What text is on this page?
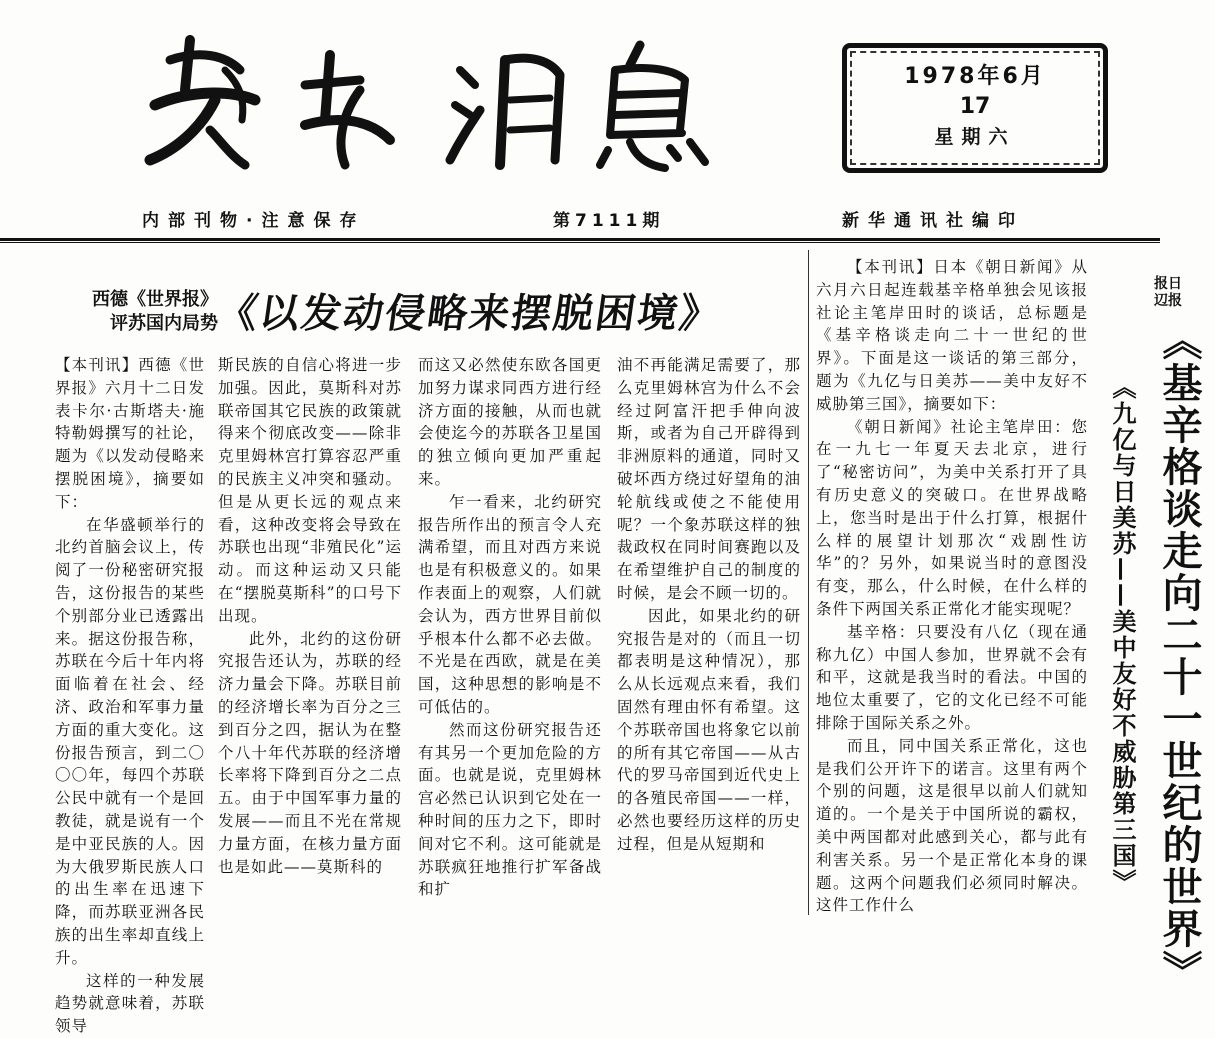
1978年6月
17
星期六
内部刊物·注意保存	第7111期	新华通讯社编印
西德《世界报》
评苏国内局势
《以发动侵略来摆脱困境》

【本刊讯】西德《世界报》六月十二日发表卡尔·古斯塔夫·施特勒姆撰写的社论，题为《以发动侵略来摆脱困境》，摘要如下：

在华盛顿举行的北约首脑会议上，传阅了一份秘密研究报告，这份报告的某些个别部分业已透露出来。据这份报告称，苏联在今后十年内将面临着在社会、经济、政治和军事力量方面的重大变化。这份报告预言，到二〇〇〇年，每四个苏联公民中就有一个是回教徒，就是说有一个是中亚民族的人。因为大俄罗斯民族人口的出生率在迅速下降，而苏联亚洲各民族的出生率却直线上升。

这样的一种发展趋势就意味着，苏联领导

斯民族的自信心将进一步加强。因此，莫斯科对苏联帝国其它民族的政策就得来个彻底改变——除非克里姆林宫打算容忍严重的民族主义冲突和骚动。但是从更长远的观点来看，这种改变将会导致在苏联也出现“非殖民化”运动。而这种运动又只能在“摆脱莫斯科”的口号下出现。

此外，北约的这份研究报告还认为，苏联的经济力量会下降。苏联目前的经济增长率为百分之三到百分之四，据认为在整个八十年代苏联的经济增长率将下降到百分之二点五。由于中国军事力量的发展——而且不光在常规力量方面，在核力量方面也是如此——莫斯科的

而这又必然使东欧各国更加努力谋求同西方进行经济方面的接触，从而也就会使迄今的苏联各卫星国的独立倾向更加严重起来。

乍一看来，北约研究报告所作出的预言令人充满希望，而且对西方来说也是有积极意义的。如果作表面上的观察，人们就会认为，西方世界目前似乎根本什么都不必去做。不光是在西欧，就是在美国，这种思想的影响是不可低估的。

然而这份研究报告还有其另一个更加危险的方面。也就是说，克里姆林宫必然已认识到它处在一种时间的压力之下，即时间对它不利。这可能就是苏联疯狂地推行扩军备战和扩

油不再能满足需要了，那么克里姆林宫为什么不会经过阿富汗把手伸向波斯，或者为自己开辟得到非洲原料的通道，同时又破坏西方绕过好望角的油轮航线或使之不能使用呢？一个象苏联这样的独裁政权在同时间赛跑以及在希望维护自己的制度的时候，是会不顾一切的。

因此，如果北约的研究报告是对的（而且一切都表明是这种情况），那么从长远观点来看，我们固然有理由怀有希望。这个苏联帝国也将象它以前的所有其它帝国——从古代的罗马帝国到近代史上的各殖民帝国——一样，必然也要经历这样的历史过程，但是从短期和

【本刊讯】日本《朝日新闻》从六月六日起连载基辛格单独会见该报社论主笔岸田时的谈话，总标题是《基辛格谈走向二十一世纪的世界》。下面是这一谈话的第三部分，题为《九亿与日美苏——美中友好不威胁第三国》，摘要如下：

《朝日新闻》社论主笔岸田：您在一九七一年夏天去北京，进行了“秘密访问”，为美中关系打开了具有历史意义的突破口。在世界战略上，您当时是出于什么打算，根据什么样的展望计划那次“戏剧性访华”的？另外，如果说当时的意图没有变，那么，什么时候，在什么样的条件下两国关系正常化才能实现呢？

基辛格：只要没有八亿（现在通称九亿）中国人参加，世界就不会有和平，这就是我当时的看法。中国的地位太重要了，它的文化已经不可能排除于国际关系之外。

而且，同中国关系正常化，这也是我们公开许下的诺言。这里有两个个别的问题，这是很早以前人们就知道的。一个是关于中国所说的霸权，美中两国都对此感到关心，都与此有利害关系。另一个是正常化本身的课题。这两个问题我们必须同时解决。这件工作什么

报日
辺报
《基辛格谈走向二十一世纪的世界》
《九亿与日美苏——美中友好不威胁第三国》
